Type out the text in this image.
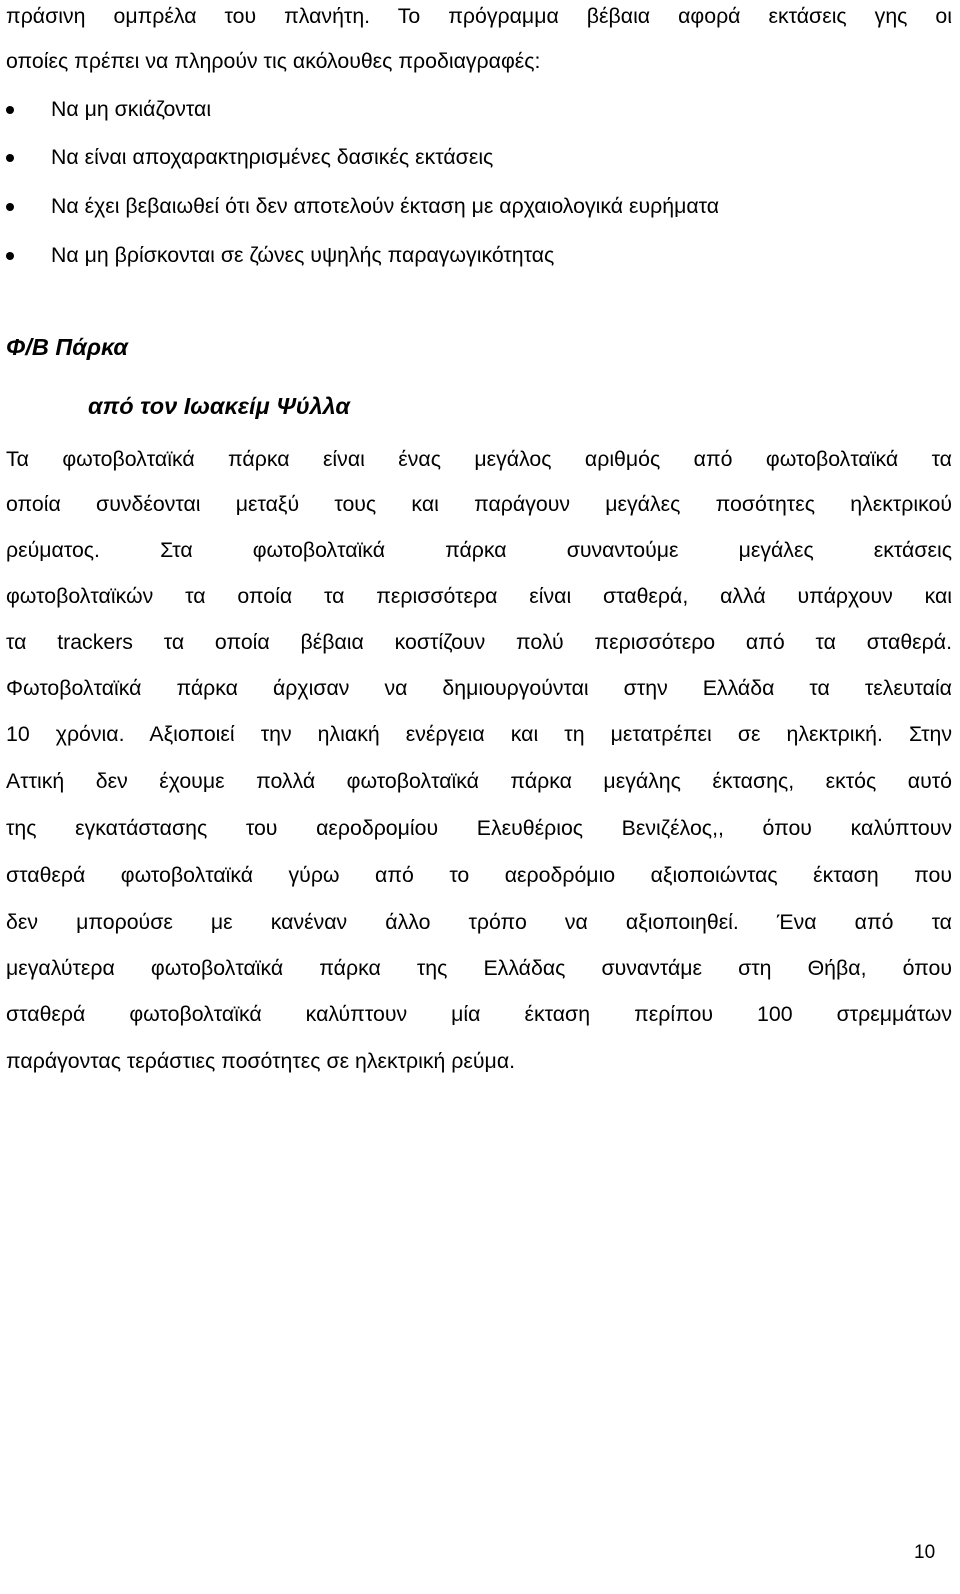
πράσινη ομπρέλα του πλανήτη. Το πρόγραμμα βέβαια αφορά εκτάσεις γης οι

οποίες πρέπει να πληρούν τις ακόλουθες προδιαγραφές:

Να μη σκιάζονται
Να είναι αποχαρακτηρισμένες δασικές εκτάσεις
Να έχει βεβαιωθεί ότι δεν αποτελούν έκταση με αρχαιολογικά ευρήματα
Να μη βρίσκονται σε ζώνες υψηλής παραγωγικότητας
Φ/Β Πάρκα
από τον Ιωακείμ Ψύλλα

Τα φωτοβολταϊκά πάρκα είναι ένας μεγάλος αριθμός από φωτοβολταϊκά τα

οποία συνδέονται μεταξύ τους και παράγουν μεγάλες ποσότητες ηλεκτρικού

ρεύματος. Στα φωτοβολταϊκά πάρκα συναντούμε μεγάλες εκτάσεις

φωτοβολταϊκών τα οποία τα περισσότερα είναι σταθερά, αλλά υπάρχουν και

τα trackers τα οποία βέβαια κοστίζουν πολύ περισσότερο από τα σταθερά.

Φωτοβολταϊκά πάρκα άρχισαν να δημιουργούνται στην Ελλάδα τα τελευταία

10 χρόνια. Αξιοποιεί την ηλιακή ενέργεια και τη μετατρέπει σε ηλεκτρική. Στην

Αττική δεν έχουμε πολλά φωτοβολταϊκά πάρκα μεγάλης έκτασης, εκτός αυτό

της εγκατάστασης του αεροδρομίου Ελευθέριος Βενιζέλος,, όπου καλύπτουν

σταθερά φωτοβολταϊκά γύρω από το αεροδρόμιο αξιοποιώντας έκταση που

δεν μπορούσε με κανέναν άλλο τρόπο να αξιοποιηθεί. Ένα από τα

μεγαλύτερα φωτοβολταϊκά πάρκα της Ελλάδας συναντάμε στη Θήβα, όπου

σταθερά φωτοβολταϊκά καλύπτουν μία έκταση περίπου 100 στρεμμάτων

παράγοντας τεράστιες ποσότητες σε ηλεκτρική ρεύμα.

10
